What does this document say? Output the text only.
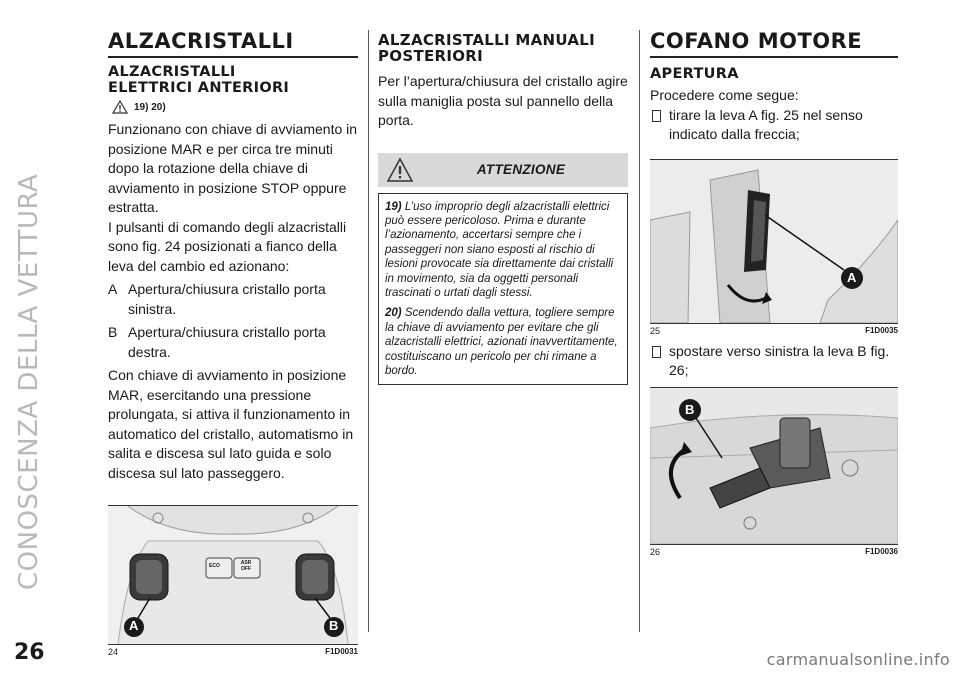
CONOSCENZA DELLA VETTURA
26
ALZACRISTALLI
ALZACRISTALLI
ELETTRICI ANTERIORI
19) 20)

Funzionano con chiave di avviamento in posizione MAR e per circa tre minuti dopo la rotazione della chiave di avviamento in posizione STOP oppure estratta.

I pulsanti di comando degli alzacristalli sono fig. 24 posizionati a fianco della leva del cambio ed azionano:

A Apertura/chiusura cristallo porta sinistra.
B Apertura/chiusura cristallo porta destra.

Con chiave di avviamento in posizione MAR, esercitando una pressione prolungata, si attiva il funzionamento in automatico del cristallo, automatismo in salita e discesa sul lato guida e solo discesa sul lato passeggero.

ECO	ASR OFF
A	B
24	F1D0031
ALZACRISTALLI MANUALI
POSTERIORI

Per l’apertura/chiusura del cristallo agire sulla maniglia posta sul pannello della porta.

ATTENZIONE

19) L’uso improprio degli alzacristalli elettrici può essere pericoloso. Prima e durante l’azionamento, accertarsi sempre che i passeggeri non siano esposti al rischio di lesioni provocate sia direttamente dai cristalli in movimento, sia da oggetti personali trascinati o urtati dagli stessi.

20) Scendendo dalla vettura, togliere sempre la chiave di avviamento per evitare che gli alzacristalli elettrici, azionati inavvertitamente, costituiscano un pericolo per chi rimane a bordo.

COFANO MOTORE
APERTURA

Procedere come segue:

tirare la leva A fig. 25 nel senso indicato dalla freccia;
A
25	F1D0035
spostare verso sinistra la leva B fig. 26;
B
26	F1D0036
carmanualsonline.info
